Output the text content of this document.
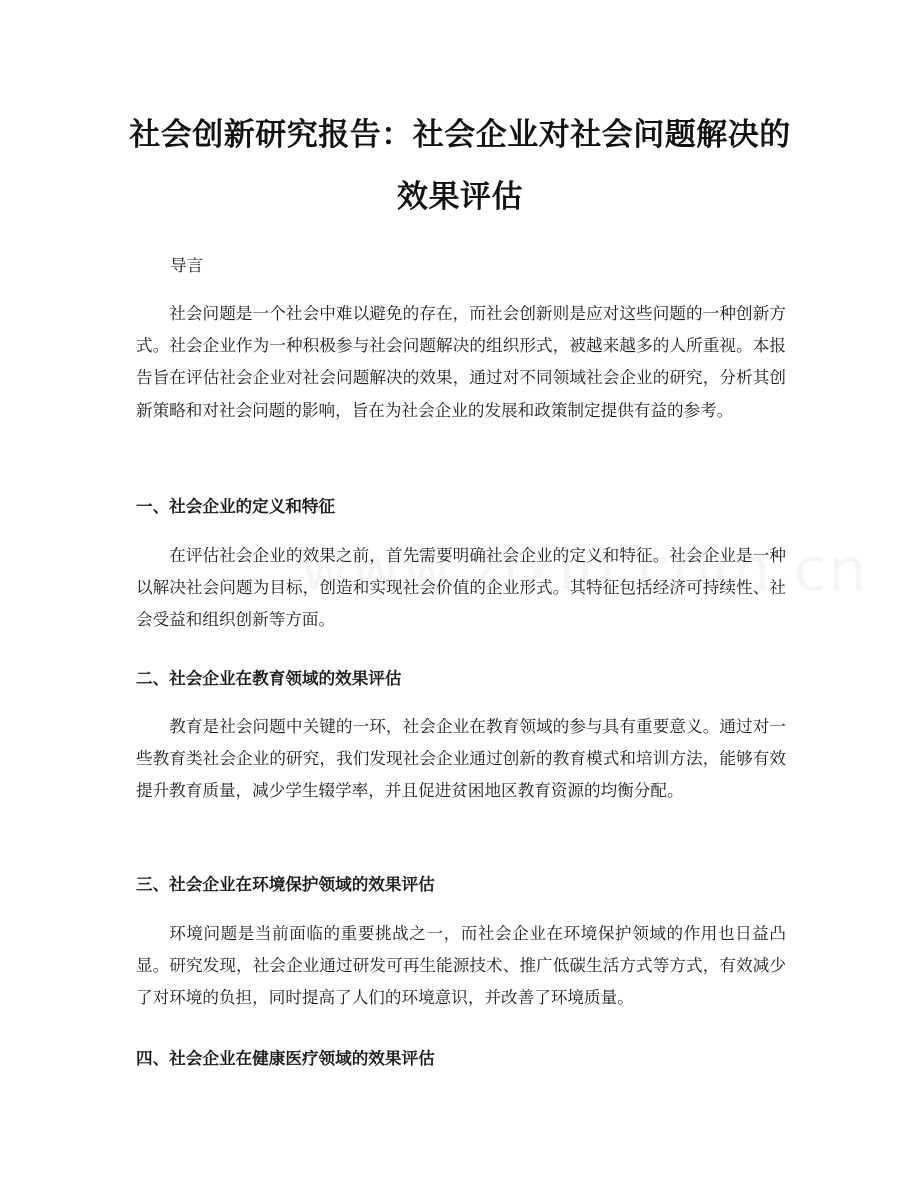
社会创新研究报告：社会企业对社会问题解决的效果评估
导言

社会问题是一个社会中难以避免的存在，而社会创新则是应对这些问题的一种创新方式。社会企业作为一种积极参与社会问题解决的组织形式，被越来越多的人所重视。本报告旨在评估社会企业对社会问题解决的效果，通过对不同领域社会企业的研究，分析其创新策略和对社会问题的影响，旨在为社会企业的发展和政策制定提供有益的参考。

一、社会企业的定义和特征

在评估社会企业的效果之前，首先需要明确社会企业的定义和特征。社会企业是一种以解决社会问题为目标，创造和实现社会价值的企业形式。其特征包括经济可持续性、社会受益和组织创新等方面。

二、社会企业在教育领域的效果评估

教育是社会问题中关键的一环，社会企业在教育领域的参与具有重要意义。通过对一些教育类社会企业的研究，我们发现社会企业通过创新的教育模式和培训方法，能够有效提升教育质量，减少学生辍学率，并且促进贫困地区教育资源的均衡分配。

三、社会企业在环境保护领域的效果评估

环境问题是当前面临的重要挑战之一，而社会企业在环境保护领域的作用也日益凸显。研究发现，社会企业通过研发可再生能源技术、推广低碳生活方式等方式，有效减少了对环境的负担，同时提高了人们的环境意识，并改善了环境质量。

四、社会企业在健康医疗领域的效果评估
